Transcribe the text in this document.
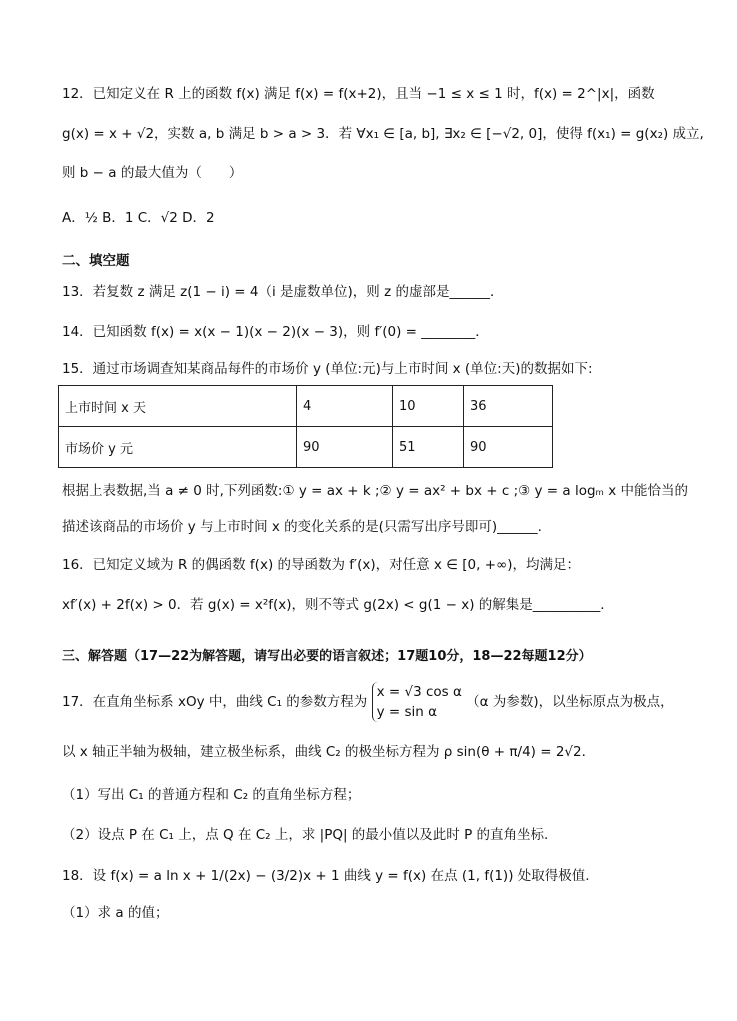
12．已知定义在 R 上的函数 f(x) 满足 f(x) = f(x+2)，且当 −1 ≤ x ≤ 1 时，f(x) = 2^|x|，函数
g(x) = x + √2，实数 a, b 满足 b > a > 3．若 ∀x₁ ∈ [a, b], ∃x₂ ∈ [−√2, 0]，使得 f(x₁) = g(x₂) 成立,
则 b − a 的最大值为（　　）
A．½ B．1 C．√2 D．2
二、填空题
13．若复数 z 满足 z(1 − i) = 4（i 是虚数单位)，则 z 的虚部是______．
14．已知函数 f(x) = x(x − 1)(x − 2)(x − 3)，则 f′(0) = ________．
15．通过市场调查知某商品每件的市场价 y (单位:元)与上市时间 x (单位:天)的数据如下:
上市时间 x 天	4	10	36
市场价 y 元	90	51	90
根据上表数据,当 a ≠ 0 时,下列函数:① y = ax + k ;② y = ax² + bx + c ;③ y = a logₘ x 中能恰当的
描述该商品的市场价 y 与上市时间 x 的变化关系的是(只需写出序号即可)______.
16．已知定义域为 R 的偶函数 f(x) 的导函数为 f′(x)，对任意 x ∈ [0, +∞)，均满足：
xf′(x) + 2f(x) > 0．若 g(x) = x²f(x)，则不等式 g(2x) < g(1 − x) 的解集是__________．
三、解答题（17—22为解答题，请写出必要的语言叙述；17题10分，18—22每题12分）
17．在直角坐标系 xOy 中，曲线 C₁ 的参数方程为
x = √3 cos α
y = sin α
（α 为参数)，以坐标原点为极点，
以 x 轴正半轴为极轴，建立极坐标系，曲线 C₂ 的极坐标方程为 ρ sin(θ + π/4) = 2√2．
（1）写出 C₁ 的普通方程和 C₂ 的直角坐标方程；
（2）设点 P 在 C₁ 上，点 Q 在 C₂ 上，求 |PQ| 的最小值以及此时 P 的直角坐标.
18．设 f(x) = a ln x + 1/(2x) − (3/2)x + 1 曲线 y = f(x) 在点 (1, f(1)) 处取得极值.
（1）求 a 的值；
